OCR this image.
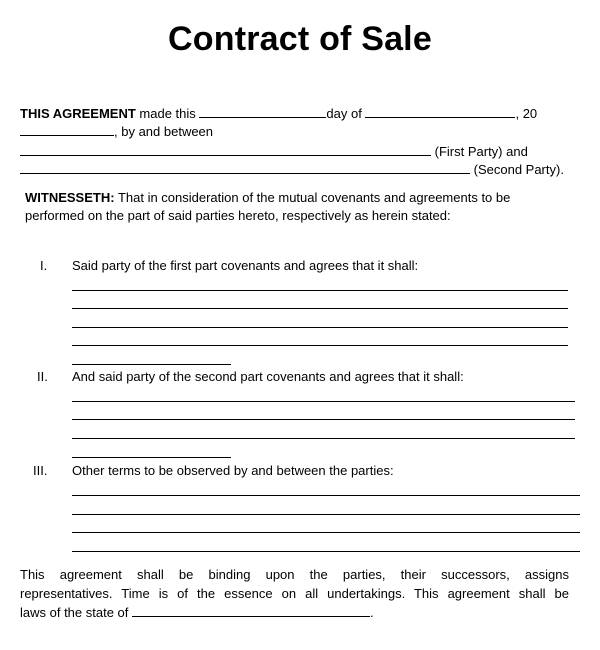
Contract of Sale
THIS AGREEMENT made this	day of	, 20
, by and between
(First Party) and
(Second Party).
WITNESSETH: That in consideration of the mutual covenants and agreements to be
performed on the part of said parties hereto, respectively as herein stated:
I. Said party of the first part covenants and agrees that it shall:
II. And said party of the second part covenants and agrees that it shall:
III. Other terms to be observed by and between the parties:
This agreement shall be binding upon the parties, their successors, assigns
representatives. Time is of the essence on all undertakings. This agreement shall be
laws of the state of	.
